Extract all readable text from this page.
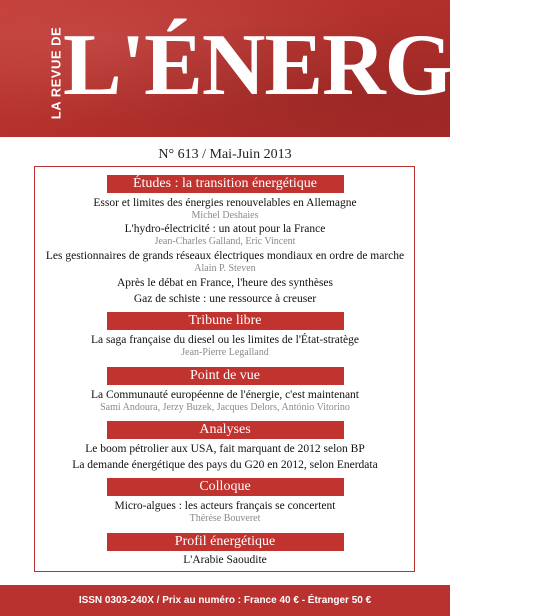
LA REVUE DE L'ÉNERGIE
N° 613 / Mai-Juin 2013
Études : la transition énergétique
Essor et limites des énergies renouvelables en Allemagne
Michel Deshaies
L'hydro-électricité : un atout pour la France
Jean-Charles Galland, Eric Vincent
Les gestionnaires de grands réseaux électriques mondiaux en ordre de marche
Alain P. Steven
Après le débat en France, l'heure des synthèses
Gaz de schiste : une ressource à creuser
Tribune libre
La saga française du diesel ou les limites de l'État-stratège
Jean-Pierre Legalland
Point de vue
La Communauté européenne de l'énergie, c'est maintenant
Sami Andoura, Jerzy Buzek, Jacques Delors, António Vitorino
Analyses
Le boom pétrolier aux USA, fait marquant de 2012 selon BP
La demande énergétique des pays du G20 en 2012, selon Enerdata
Colloque
Micro-algues : les acteurs français se concertent
Thérèse Bouveret
Profil énergétique
L'Arabie Saoudite
ISSN 0303-240X / Prix au numéro : France 40 € - Étranger 50 €
